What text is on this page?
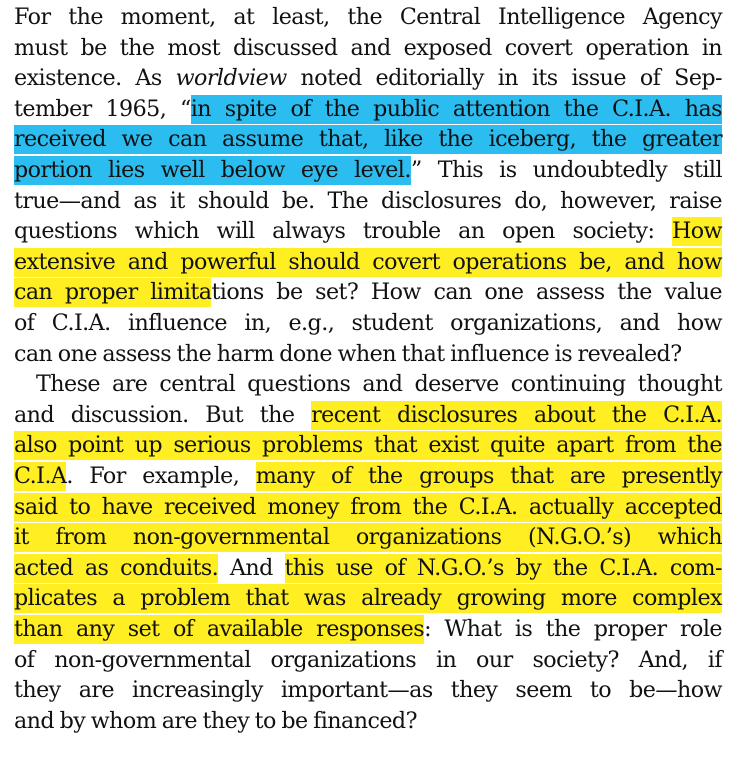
For the moment, at least, the Central Intelligence Agency

must be the most discussed and exposed covert operation in

existence. As worldview noted editorially in its issue of Sep-

tember 1965, “in spite of the public attention the C.I.A. has

received we can assume that, like the iceberg, the greater

portion lies well below eye level.” This is undoubtedly still

true—and as it should be. The disclosures do, however, raise

questions which will always trouble an open society: How

extensive and powerful should covert operations be, and how

can proper limitations be set? How can one assess the value

of C.I.A. influence in, e.g., student organizations, and how

can one assess the harm done when that influence is revealed?

These are central questions and deserve continuing thought

and discussion. But the recent disclosures about the C.I.A.

also point up serious problems that exist quite apart from the

C.I.A. For example, many of the groups that are presently

said to have received money from the C.I.A. actually accepted

it from non-governmental organizations (N.G.O.’s) which

acted as conduits. And this use of N.G.O.’s by the C.I.A. com-

plicates a problem that was already growing more complex

than any set of available responses: What is the proper role

of non-governmental organizations in our society? And, if

they are increasingly important—as they seem to be—how

and by whom are they to be financed?
